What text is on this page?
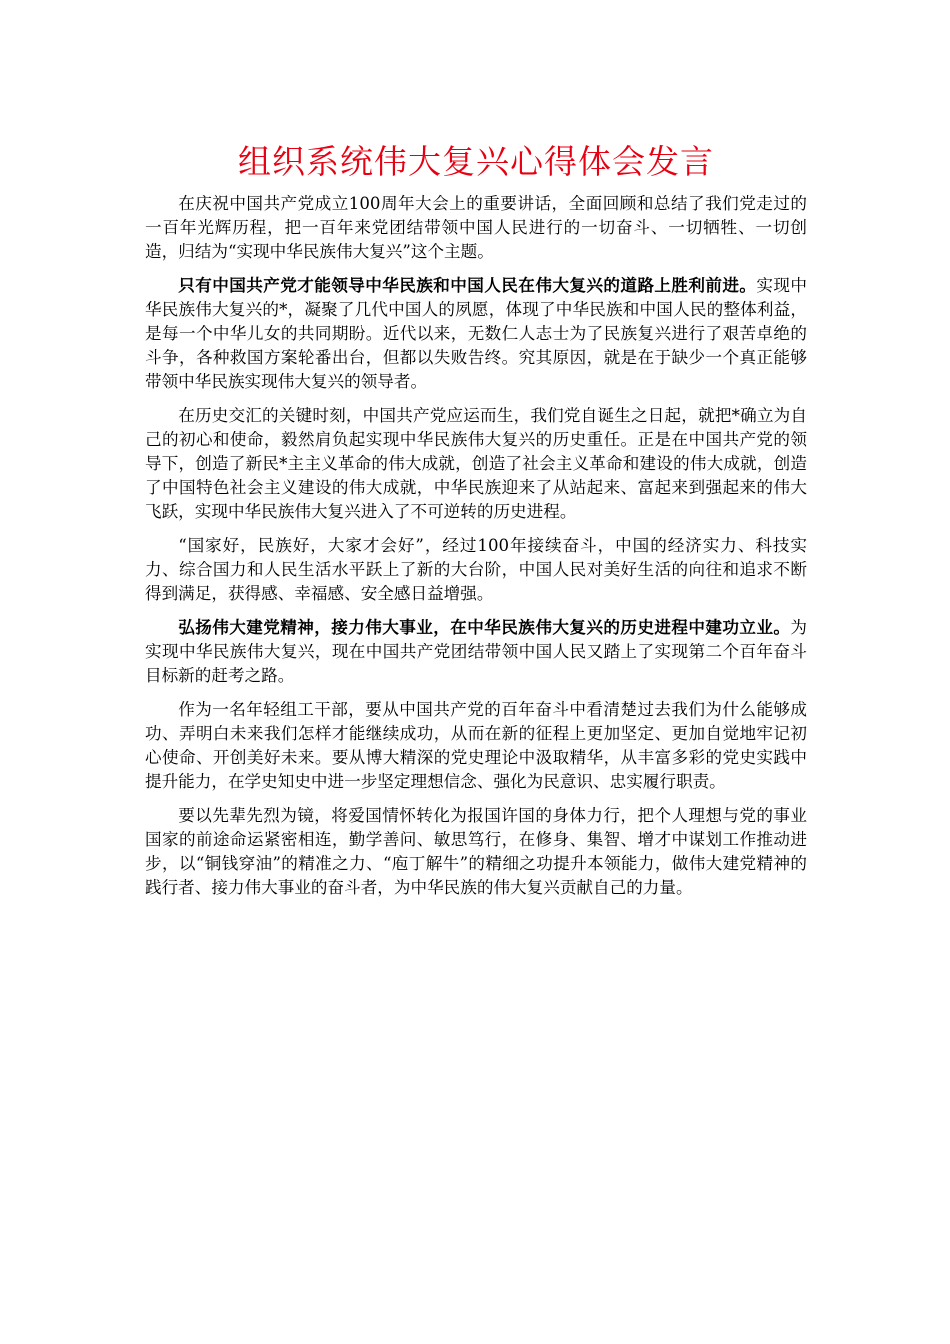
组织系统伟大复兴心得体会发言

在庆祝中国共产党成立100周年大会上的重要讲话，全面回顾和总结了我们党走过的一百年光辉历程，把一百年来党团结带领中国人民进行的一切奋斗、一切牺牲、一切创造，归结为“实现中华民族伟大复兴”这个主题。

只有中国共产党才能领导中华民族和中国人民在伟大复兴的道路上胜利前进。实现中华民族伟大复兴的*，凝聚了几代中国人的夙愿，体现了中华民族和中国人民的整体利益，是每一个中华儿女的共同期盼。近代以来，无数仁人志士为了民族复兴进行了艰苦卓绝的斗争，各种救国方案轮番出台，但都以失败告终。究其原因，就是在于缺少一个真正能够带领中华民族实现伟大复兴的领导者。

在历史交汇的关键时刻，中国共产党应运而生，我们党自诞生之日起，就把*确立为自己的初心和使命，毅然肩负起实现中华民族伟大复兴的历史重任。正是在中国共产党的领导下，创造了新民*主主义革命的伟大成就，创造了社会主义革命和建设的伟大成就，创造了中国特色社会主义建设的伟大成就，中华民族迎来了从站起来、富起来到强起来的伟大飞跃，实现中华民族伟大复兴进入了不可逆转的历史进程。

“国家好，民族好，大家才会好”，经过100年接续奋斗，中国的经济实力、科技实力、综合国力和人民生活水平跃上了新的大台阶，中国人民对美好生活的向往和追求不断得到满足，获得感、幸福感、安全感日益增强。

弘扬伟大建党精神，接力伟大事业，在中华民族伟大复兴的历史进程中建功立业。为实现中华民族伟大复兴，现在中国共产党团结带领中国人民又踏上了实现第二个百年奋斗目标新的赶考之路。

作为一名年轻组工干部，要从中国共产党的百年奋斗中看清楚过去我们为什么能够成功、弄明白未来我们怎样才能继续成功，从而在新的征程上更加坚定、更加自觉地牢记初心使命、开创美好未来。要从博大精深的党史理论中汲取精华，从丰富多彩的党史实践中提升能力，在学史知史中进一步坚定理想信念、强化为民意识、忠实履行职责。

要以先辈先烈为镜，将爱国情怀转化为报国许国的身体力行，把个人理想与党的事业国家的前途命运紧密相连，勤学善问、敏思笃行，在修身、集智、增才中谋划工作推动进步，以“铜钱穿油”的精准之力、“庖丁解牛”的精细之功提升本领能力，做伟大建党精神的践行者、接力伟大事业的奋斗者，为中华民族的伟大复兴贡献自己的力量。
